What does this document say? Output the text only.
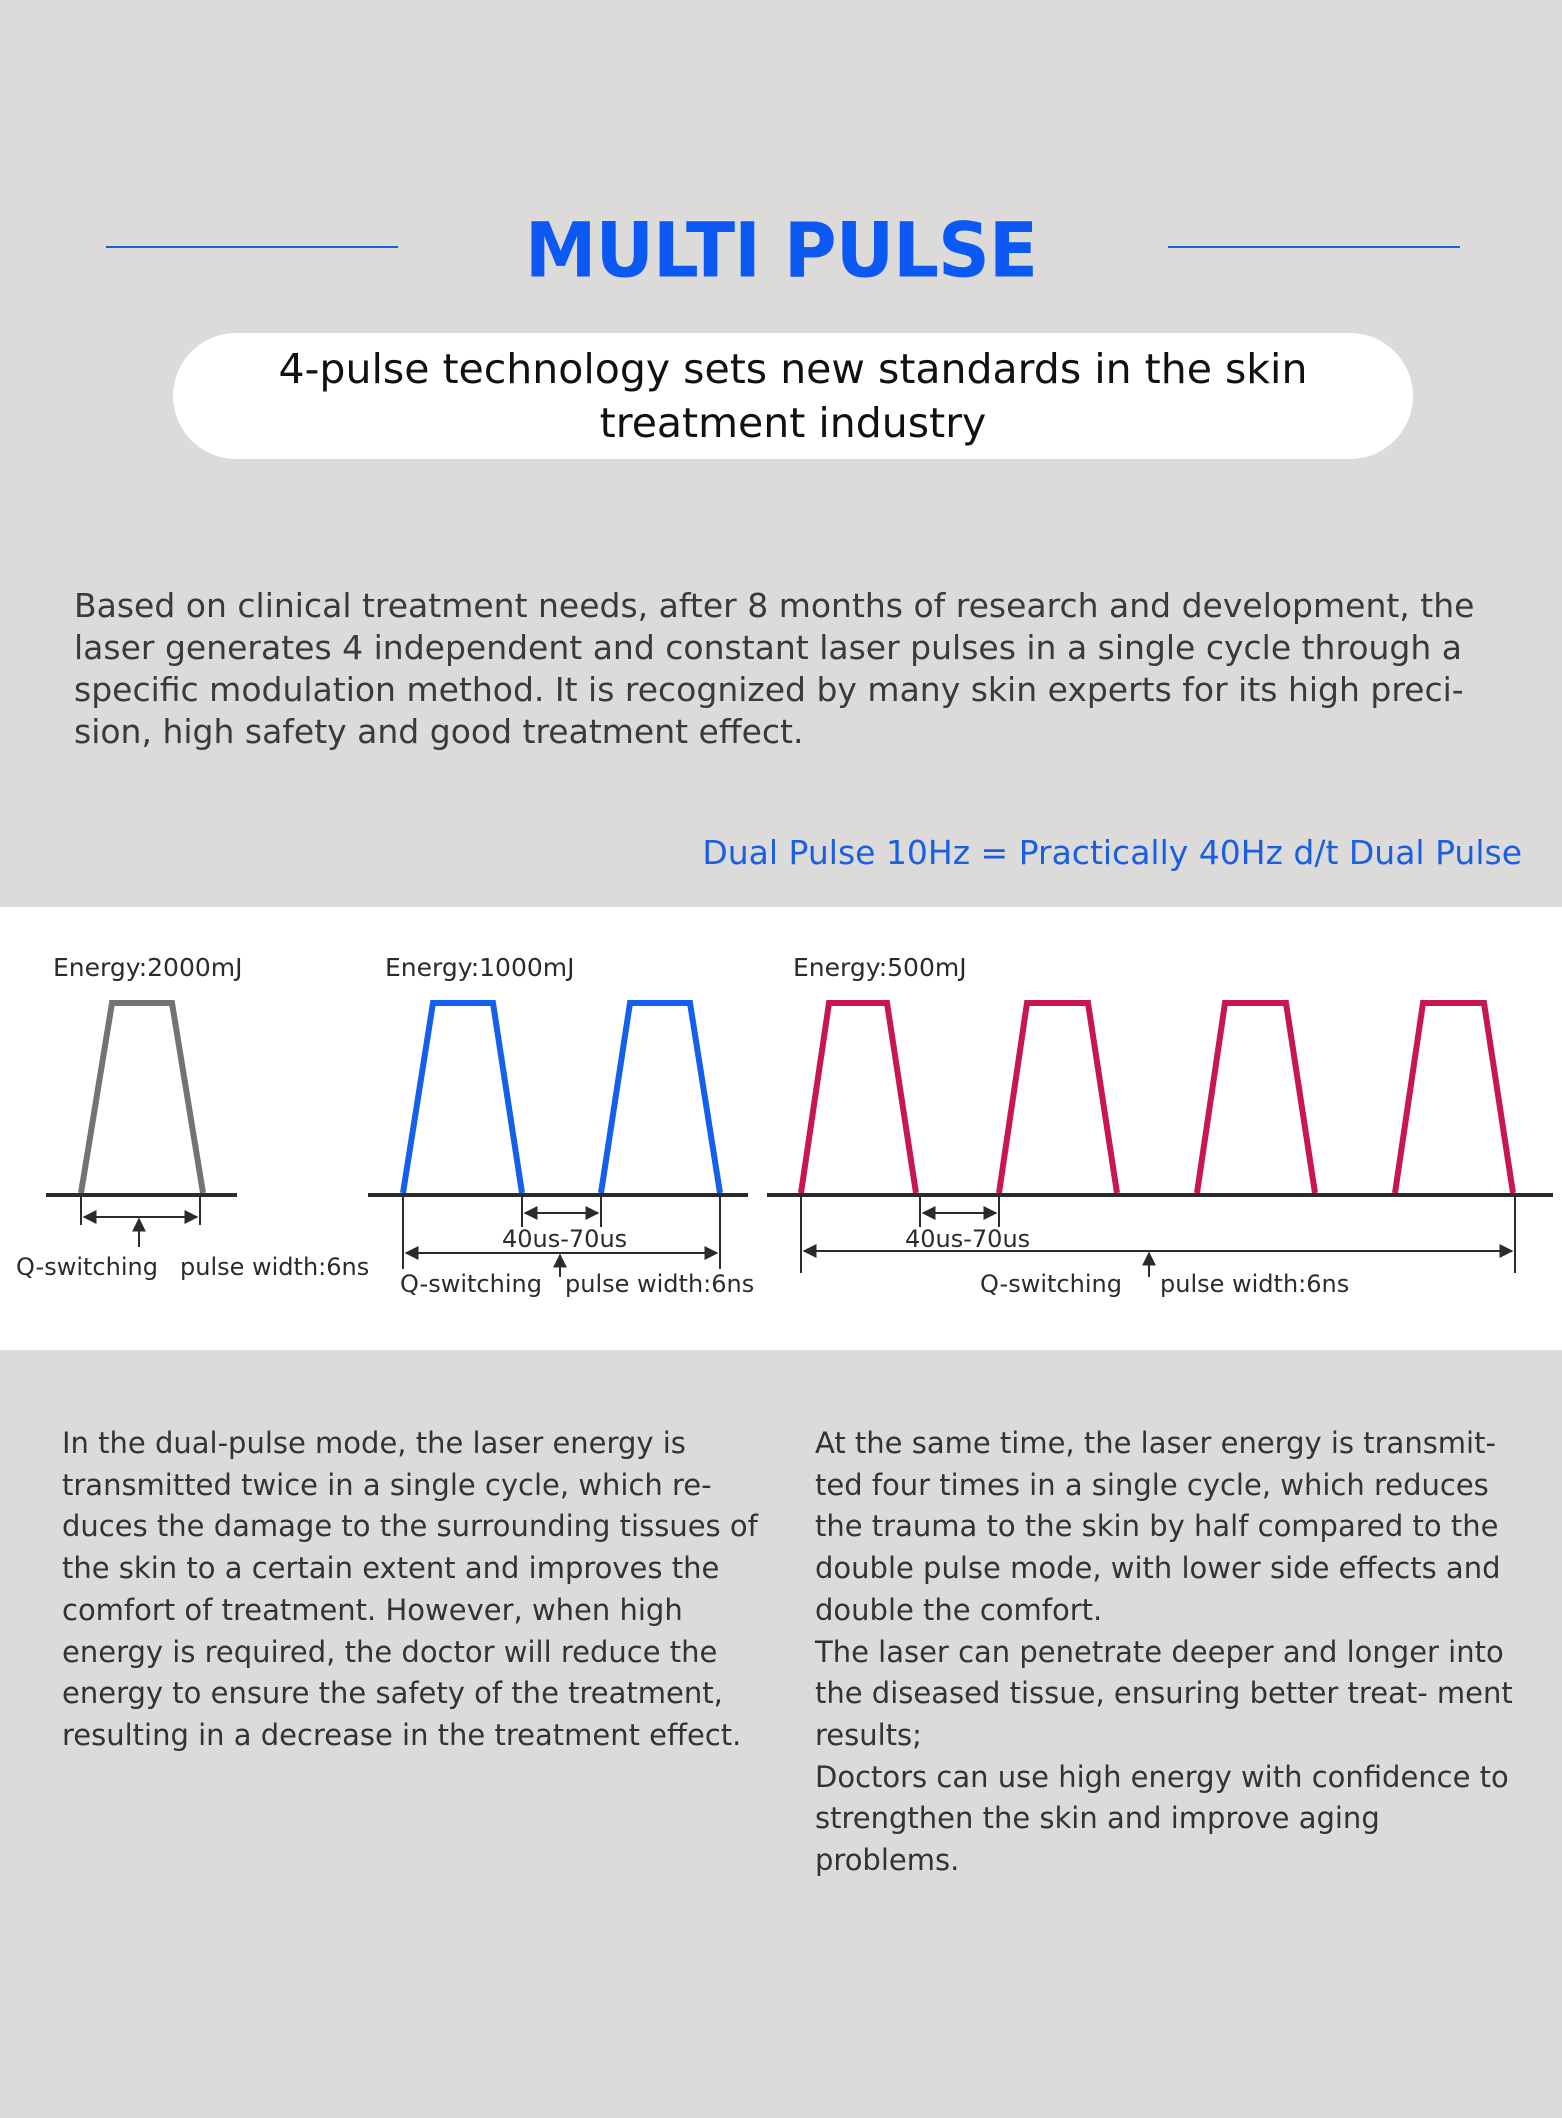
MULTI PULSE
4-pulse technology sets new standards in the skin treatment industry
Based on clinical treatment needs, after 8 months of research and development, the laser generates 4 independent and constant laser pulses in a single cycle through a specific modulation method. It is recognized by many skin experts for its high preci- sion, high safety and good treatment effect.
Dual Pulse 10Hz = Practically 40Hz d/t Dual Pulse
Energy:2000mJ
Q-switching pulse width:6ns
Energy:1000mJ
40us-70us
Q-switching pulse width:6ns
Energy:500mJ
40us-70us
Q-switching pulse width:6ns

In the dual-pulse mode, the laser energy is transmitted twice in a single cycle, which re- duces the damage to the surrounding tissues of the skin to a certain extent and improves the comfort of treatment. However, when high energy is required, the doctor will reduce the energy to ensure the safety of the treatment, resulting in a decrease in the treatment effect.

At the same time, the laser energy is transmit- ted four times in a single cycle, which reduces the trauma to the skin by half compared to the double pulse mode, with lower side effects and double the comfort.

The laser can penetrate deeper and longer into the diseased tissue, ensuring better treat- ment results;

Doctors can use high energy with confidence to strengthen the skin and improve aging problems.
